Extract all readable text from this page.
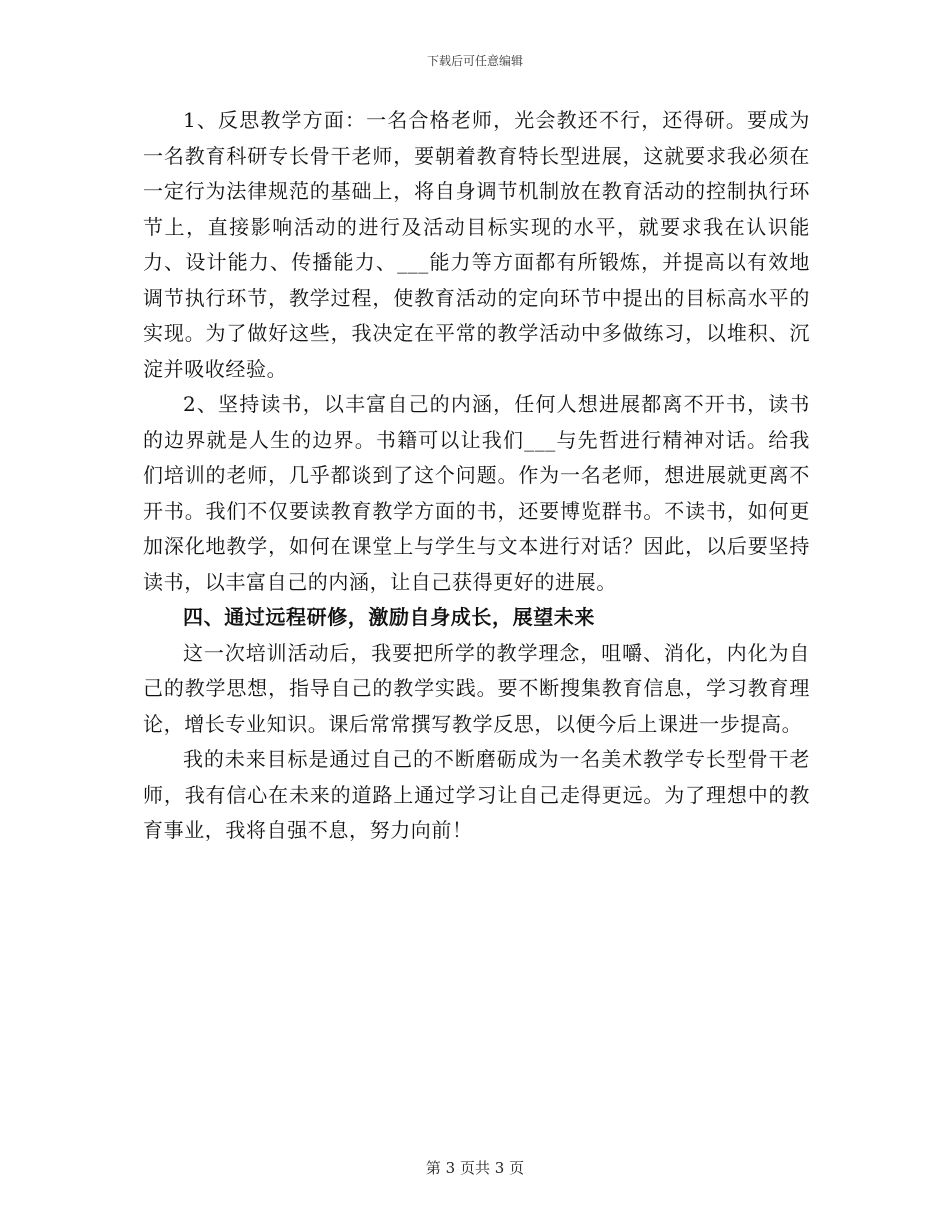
下载后可任意编辑

1、反思教学方面：一名合格老师，光会教还不行，还得研。要成为一名教育科研专长骨干老师，要朝着教育特长型进展，这就要求我必须在一定行为法律规范的基础上，将自身调节机制放在教育活动的控制执行环节上，直接影响活动的进行及活动目标实现的水平，就要求我在认识能力、设计能力、传播能力、___能力等方面都有所锻炼，并提高以有效地调节执行环节，教学过程，使教育活动的定向环节中提出的目标高水平的实现。为了做好这些，我决定在平常的教学活动中多做练习，以堆积、沉淀并吸收经验。

2、坚持读书，以丰富自己的内涵，任何人想进展都离不开书，读书的边界就是人生的边界。书籍可以让我们___与先哲进行精神对话。给我们培训的老师，几乎都谈到了这个问题。作为一名老师，想进展就更离不开书。我们不仅要读教育教学方面的书，还要博览群书。不读书，如何更加深化地教学，如何在课堂上与学生与文本进行对话？因此，以后要坚持读书，以丰富自己的内涵，让自己获得更好的进展。

四、通过远程研修，激励自身成长，展望未来

这一次培训活动后，我要把所学的教学理念，咀嚼、消化，内化为自己的教学思想，指导自己的教学实践。要不断搜集教育信息，学习教育理论，增长专业知识。课后常常撰写教学反思，以便今后上课进一步提高。

我的未来目标是通过自己的不断磨砺成为一名美术教学专长型骨干老师，我有信心在未来的道路上通过学习让自己走得更远。为了理想中的教育事业，我将自强不息，努力向前！

第 3 页共 3 页
